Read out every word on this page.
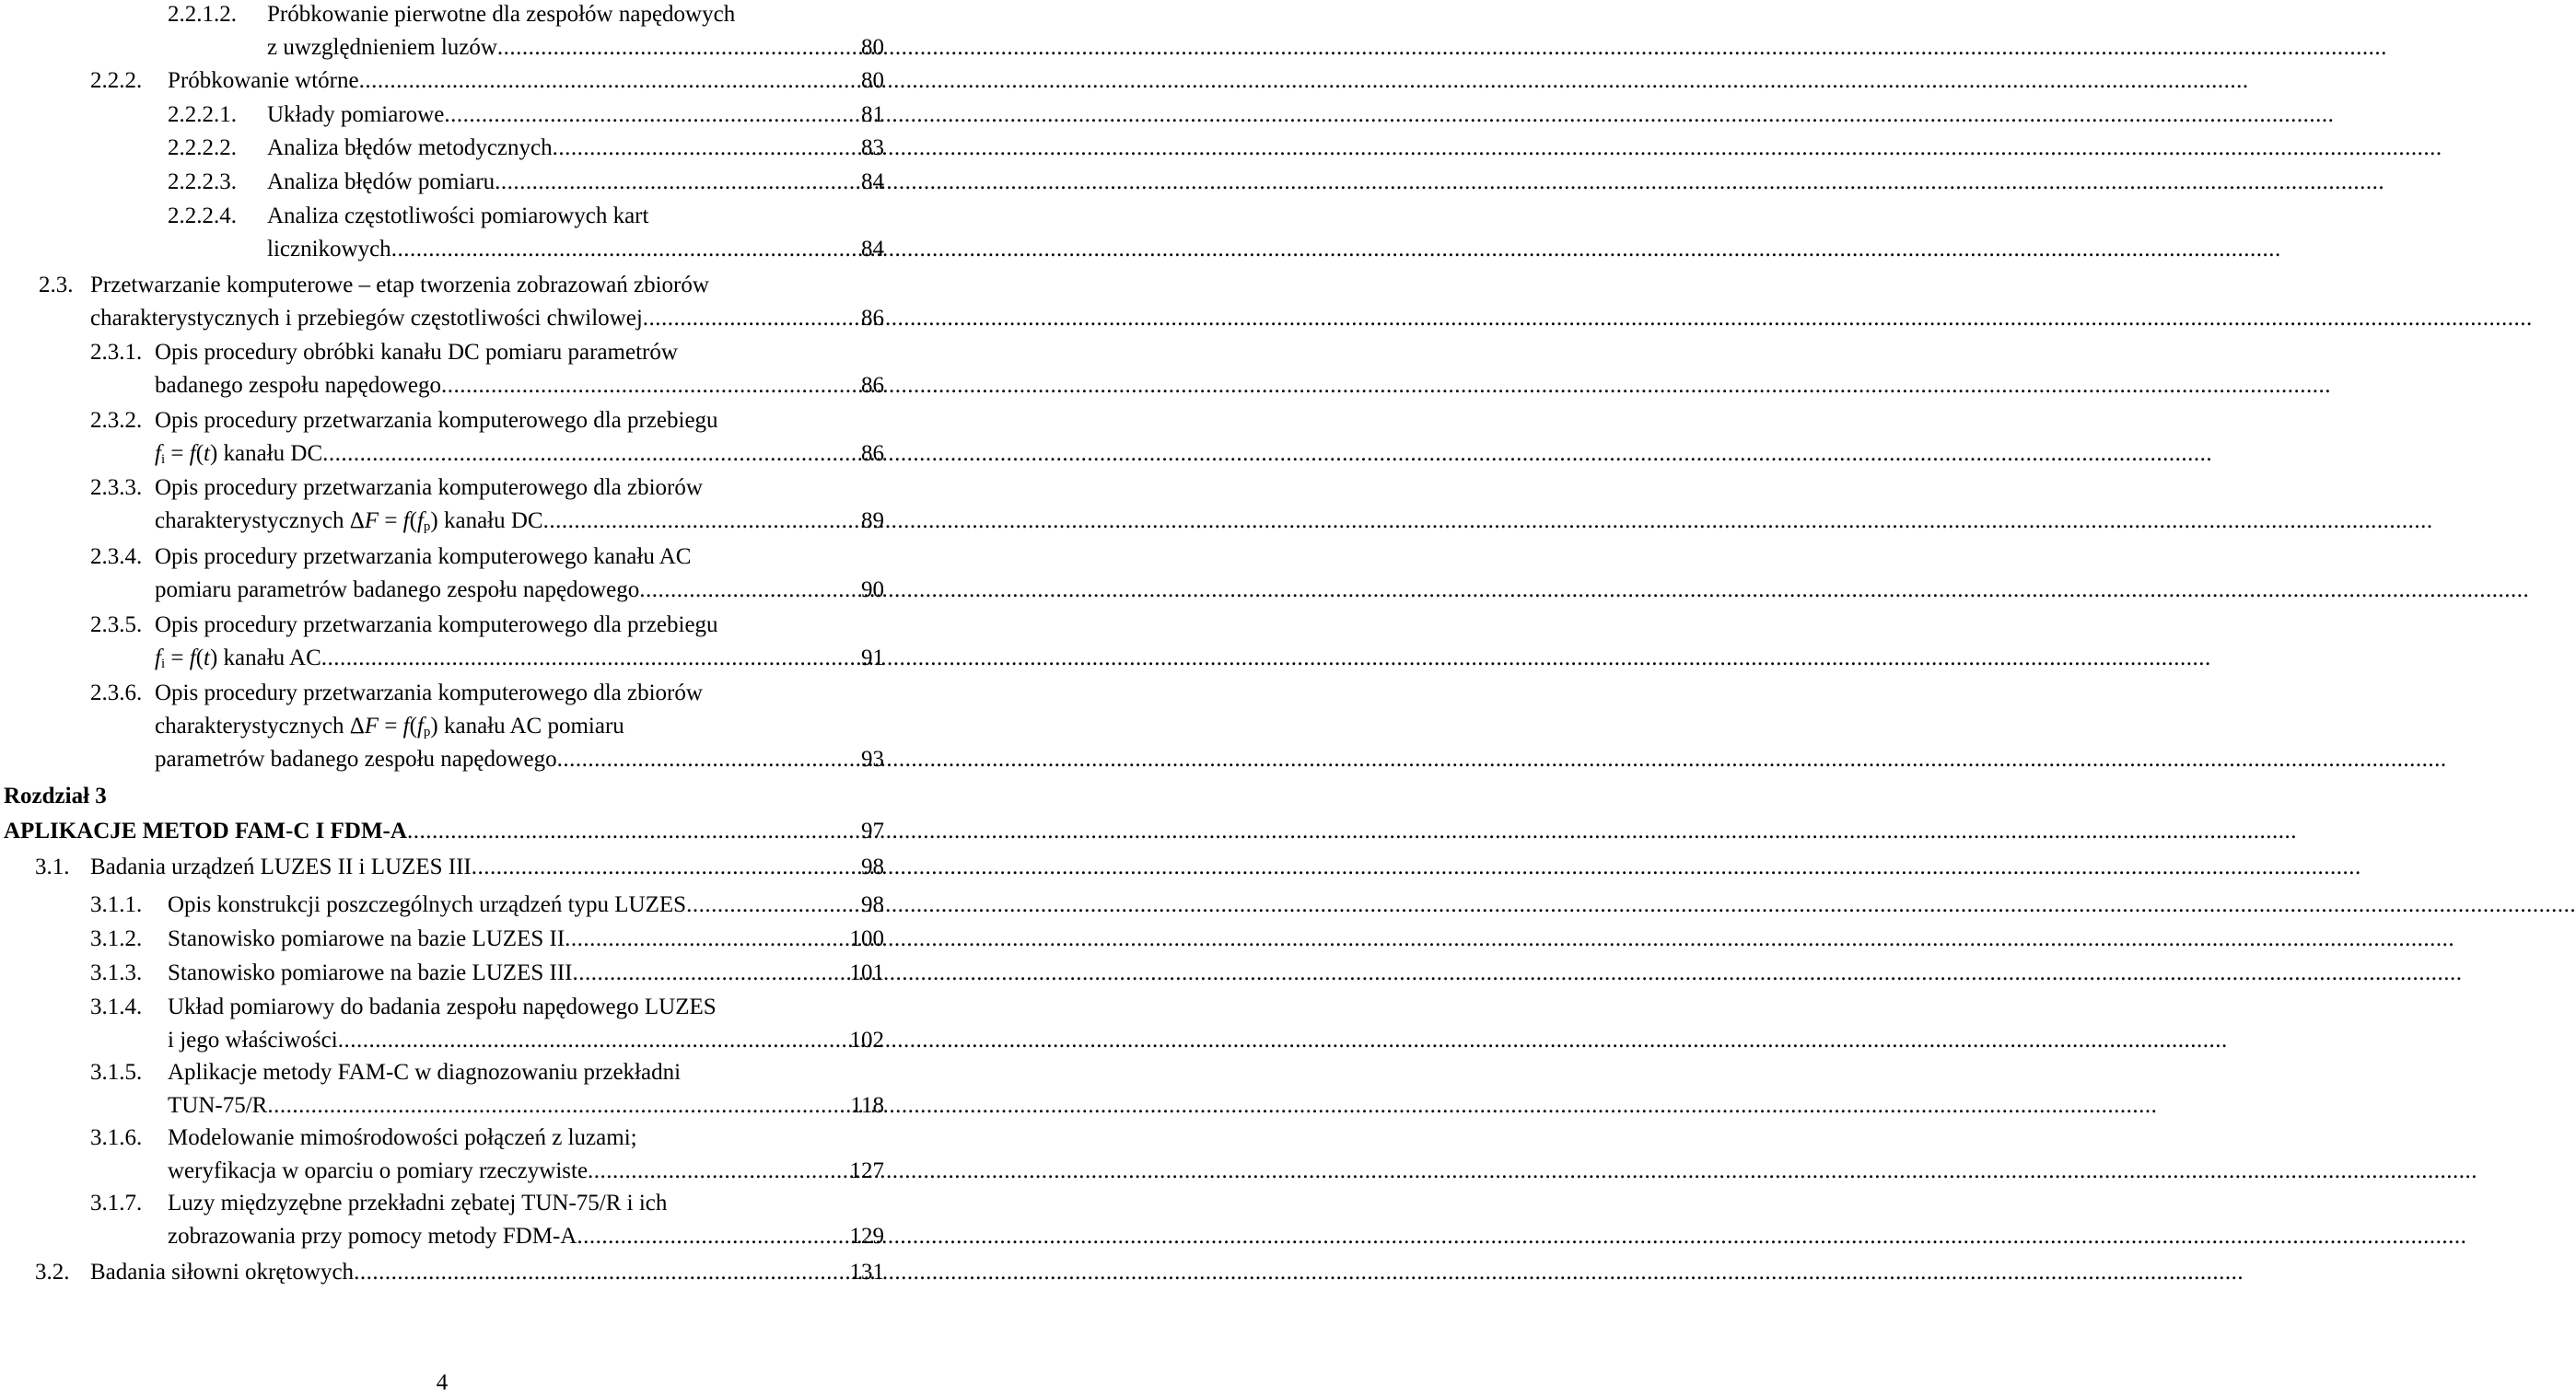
2.2.1.2.	Próbkowanie pierwotne dla zespołów napędowych
z uwzględnieniem luzów .....	80
2.2.2.	Próbkowanie wtórne .....	80
2.2.2.1.	Układy pomiarowe .....	81
2.2.2.2.	Analiza błędów metodycznych .....	83
2.2.2.3.	Analiza błędów pomiaru .....	84
2.2.2.4.	Analiza częstotliwości pomiarowych kart
licznikowych .....	84
2.3. Przetwarzanie komputerowe – etap tworzenia zobrazowań zbiorów
charakterystycznych i przebiegów częstotliwości chwilowej .....	86
2.3.1. Opis procedury obróbki kanału DC pomiaru parametrów
badanego zespołu napędowego .....	86
2.3.2. Opis procedury przetwarzania komputerowego dla przebiegu
$f_i = f(t)$ kanału DC .....	86
2.3.3. Opis procedury przetwarzania komputerowego dla zbiorów
charakterystycznych $\Delta F = f(f_p)$ kanału DC .....	89
2.3.4. Opis procedury przetwarzania komputerowego kanału AC
pomiaru parametrów badanego zespołu napędowego .....	90
2.3.5. Opis procedury przetwarzania komputerowego dla przebiegu
$f_i = f(t)$ kanału AC .....	91
2.3.6. Opis procedury przetwarzania komputerowego dla zbiorów
charakterystycznych $\Delta F = f(f_p)$ kanału AC pomiaru
parametrów badanego zespołu napędowego .....	93
Rozdział 3
APLIKACJE METOD FAM-C I FDM-A .....	97
3.1. Badania urządzeń LUZES II i LUZES III .....	98
3.1.1.	Opis konstrukcji poszczególnych urządzeń typu LUZES .....	98
3.1.2.	Stanowisko pomiarowe na bazie LUZES II .....	100
3.1.3.	Stanowisko pomiarowe na bazie LUZES III .....	101
3.1.4.	Układ pomiarowy do badania zespołu napędowego LUZES
i jego właściwości .....	102
3.1.5.	Aplikacje metody FAM-C w diagnozowaniu przekładni
TUN-75/R .....	118
3.1.6.	Modelowanie mimośrodowości połączeń z luzami;
weryfikacja w oparciu o pomiary rzeczywiste .....	127
3.1.7.	Luzy międzyzębne przekładni zębatej TUN-75/R i ich
zobrazowania przy pomocy metody FDM-A .....	129
3.2. Badania siłowni okrętowych .....	131
4
